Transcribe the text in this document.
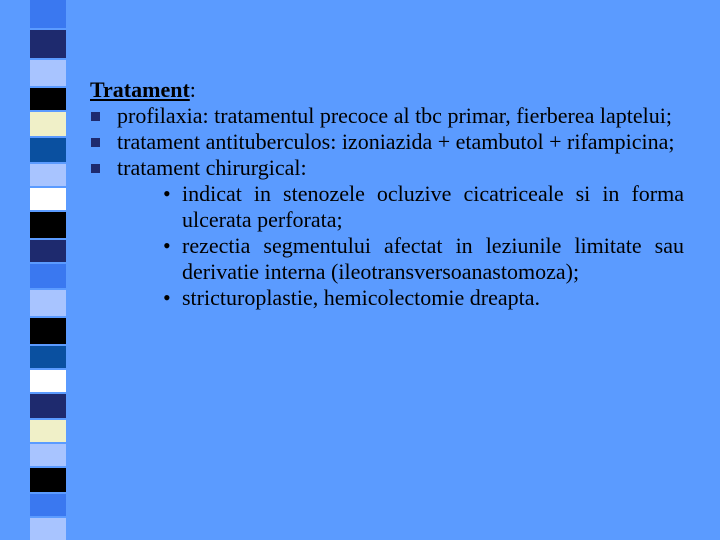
Tratament:

profilaxia: tratamentul precoce al tbc primar, fierberea laptelui;
tratament antituberculos: izoniazida + etambutol + rifampicina;
tratament chirurgical:
• indicat in stenozele ocluzive cicatriceale si in forma ulcerata perforata;
• rezectia segmentului afectat in leziunile limitate sau derivatie interna (ileotransversoanastomoza);
• stricturoplastie, hemicolectomie dreapta.
